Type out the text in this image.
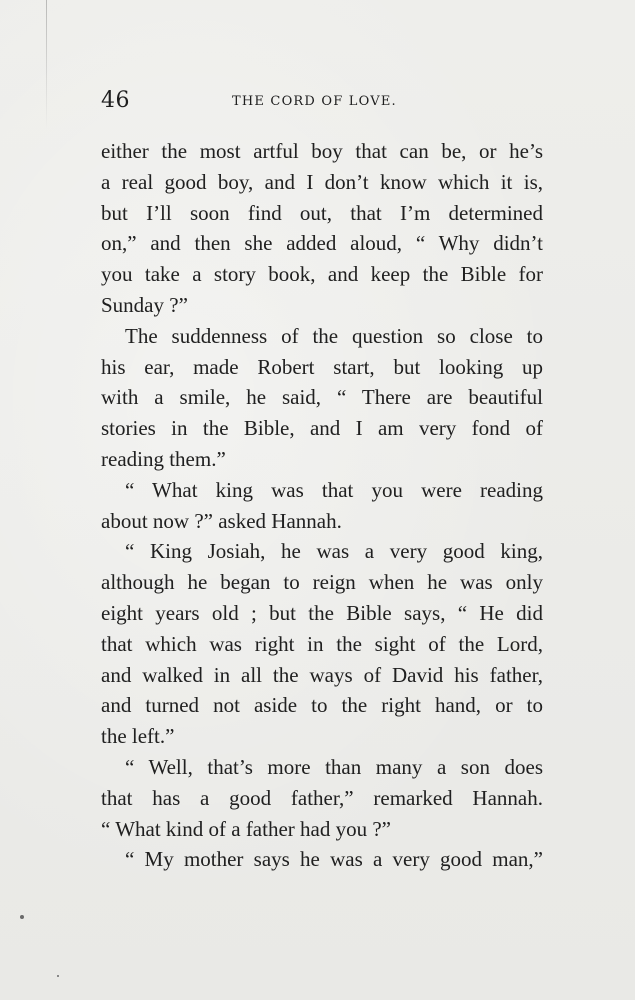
46	THE CORD OF LOVE.
either the most artful boy that can be, or he’s
a real good boy, and I don’t know which it is,
but I’ll soon find out, that I’m determined
on,” and then she added aloud, “ Why didn’t
you take a story book, and keep the Bible for
Sunday ?”
The suddenness of the question so close to
his ear, made Robert start, but looking up
with a smile, he said, “ There are beautiful
stories in the Bible, and I am very fond of
reading them.”
“ What king was that you were reading
about now ?” asked Hannah.
“ King Josiah, he was a very good king,
although he began to reign when he was only
eight years old ; but the Bible says, “ He did
that which was right in the sight of the Lord,
and walked in all the ways of David his father,
and turned not aside to the right hand, or to
the left.”
“ Well, that’s more than many a son does
that has a good father,” remarked Hannah.
“ What kind of a father had you ?”
“ My mother says he was a very good man,”
